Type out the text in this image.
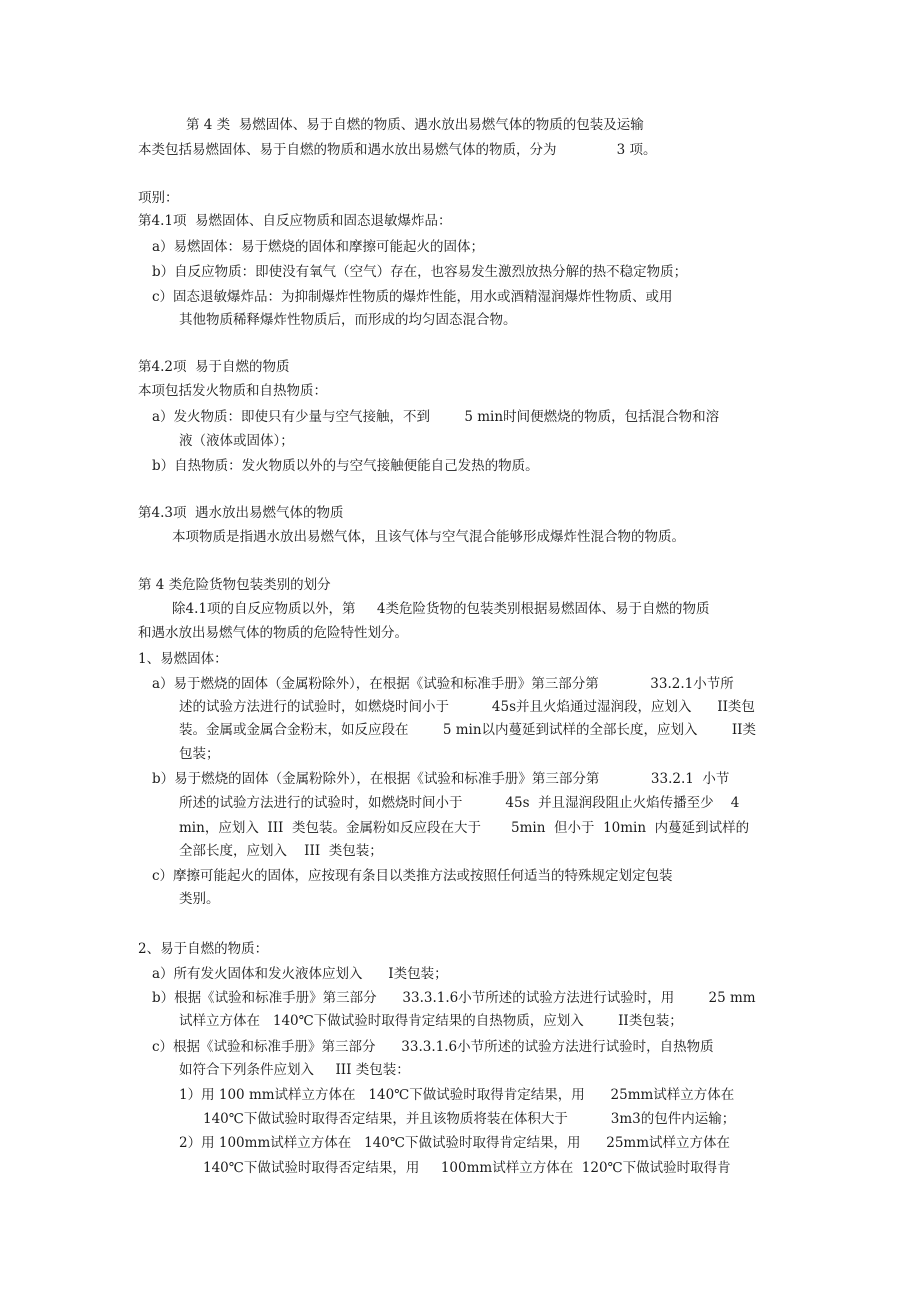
第 4 类  易燃固体、易于自燃的物质、遇水放出易燃气体的物质的包装及运输
本类包括易燃固体、易于自燃的物质和遇水放出易燃气体的物质，分为              3 项。
项别：
第4.1项  易燃固体、自反应物质和固态退敏爆炸品：
a）易燃固体：易于燃烧的固体和摩擦可能起火的固体；
b）自反应物质：即使没有氧气（空气）存在，也容易发生激烈放热分解的热不稳定物质；
c）固态退敏爆炸品：为抑制爆炸性物质的爆炸性能，用水或酒精湿润爆炸性物质、或用
其他物质稀释爆炸性物质后，而形成的均匀固态混合物。
第4.2项  易于自燃的物质
本项包括发火物质和自热物质：
a）发火物质：即使只有少量与空气接触，不到        5 min时间便燃烧的物质，包括混合物和溶
液（液体或固体）；
b）自热物质：发火物质以外的与空气接触便能自己发热的物质。
第4.3项  遇水放出易燃气体的物质
本项物质是指遇水放出易燃气体，且该气体与空气混合能够形成爆炸性混合物的物质。
第 4 类危险货物包装类别的划分
除4.1项的自反应物质以外，第     4类危险货物的包装类别根据易燃固体、易于自燃的物质
和遇水放出易燃气体的物质的危险特性划分。
1、易燃固体：
a）易于燃烧的固体（金属粉除外），在根据《试验和标准手册》第三部分第            33.2.1小节所
述的试验方法进行的试验时，如燃烧时间小于          45s并且火焰通过湿润段，应划入      II类包
装。金属或金属合金粉末，如反应段在        5 min以内蔓延到试样的全部长度，应划入        II类
包装；
b）易于燃烧的固体（金属粉除外），在根据《试验和标准手册》第三部分第            33.2.1  小节
所述的试验方法进行的试验时，如燃烧时间小于          45s  并且湿润段阻止火焰传播至少    4
min，应划入  III  类包装。金属粉如反应段在大于       5min  但小于  10min  内蔓延到试样的
全部长度，应划入    III  类包装；
c）摩擦可能起火的固体，应按现有条目以类推方法或按照任何适当的特殊规定划定包装
类别。
2、易于自燃的物质：
a）所有发火固体和发火液体应划入      I类包装；
b）根据《试验和标准手册》第三部分      33.3.1.6小节所述的试验方法进行试验时，用        25 mm
试样立方体在   140℃下做试验时取得肯定结果的自热物质，应划入        II类包装；
c）根据《试验和标准手册》第三部分      33.3.1.6小节所述的试验方法进行试验时，自热物质
如符合下列条件应划入     III 类包装：
1）用 100 mm试样立方体在   140℃下做试验时取得肯定结果，用      25mm试样立方体在
140℃下做试验时取得否定结果，并且该物质将装在体积大于          3m3的包件内运输；
2）用 100mm试样立方体在   140℃下做试验时取得肯定结果，用      25mm试样立方体在
140℃下做试验时取得否定结果，用     100mm试样立方体在  120℃下做试验时取得肯
